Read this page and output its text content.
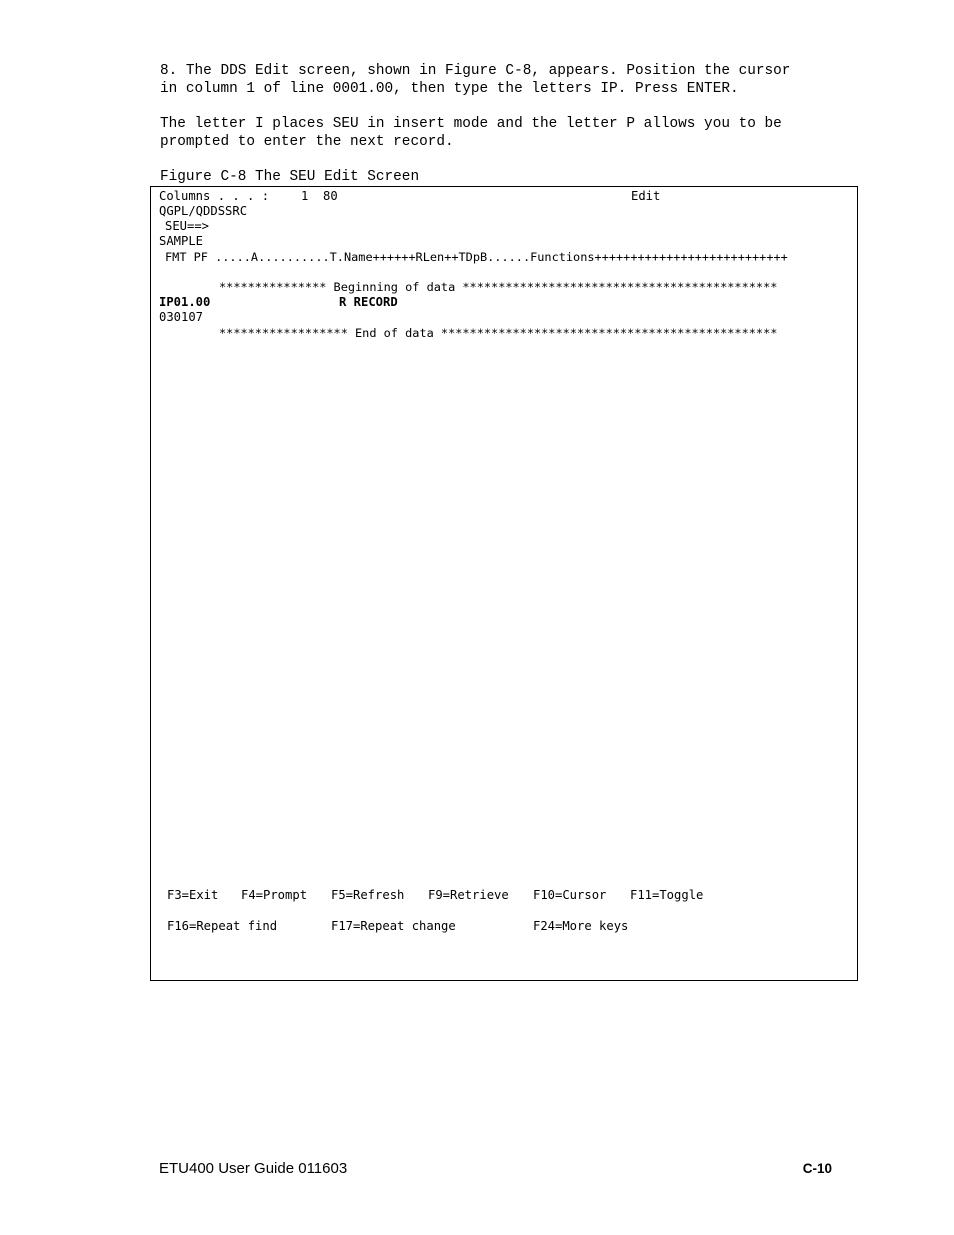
8. The DDS Edit screen, shown in Figure C-8, appears. Position the cursor
in column 1 of line 0001.00, then type the letters IP. Press ENTER.
The letter I places SEU in insert mode and the letter P allows you to be
prompted to enter the next record.
Figure C-8 The SEU Edit Screen
Columns . . . :	1 80	Edit
QGPL/QDDSSRC
SEU==>
SAMPLE
FMT PF .....A..........T.Name++++++RLen++TDpB......Functions+++++++++++++++++++++++++++
*************** Beginning of data ********************************************
IP01.00	R RECORD
030107
****************** End of data ***********************************************
F3=Exit F4=Prompt F5=Refresh F9=Retrieve F10=Cursor F11=Toggle
F16=Repeat find	F17=Repeat change	F24=More keys
ETU400 User Guide 011603	C-10
